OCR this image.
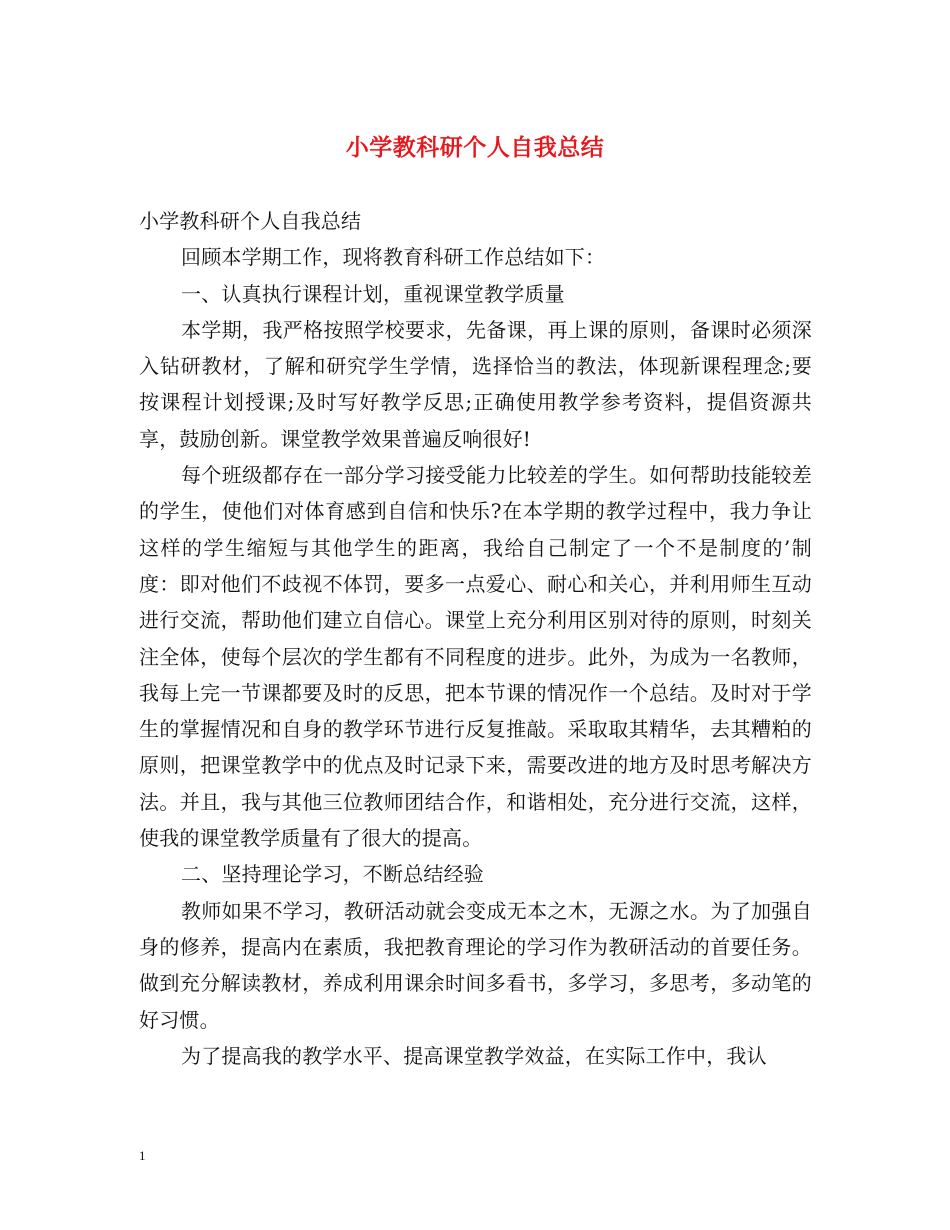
小学教科研个人自我总结

小学教科研个人自我总结

回顾本学期工作，现将教育科研工作总结如下：

一、认真执行课程计划，重视课堂教学质量

本学期，我严格按照学校要求，先备课，再上课的原则，备课时必须深入钻研教材，了解和研究学生学情，选择恰当的教法，体现新课程理念;要按课程计划授课;及时写好教学反思;正确使用教学参考资料，提倡资源共享，鼓励创新。课堂教学效果普遍反响很好!

每个班级都存在一部分学习接受能力比较差的学生。如何帮助技能较差的学生，使他们对体育感到自信和快乐?在本学期的教学过程中，我力争让这样的学生缩短与其他学生的距离，我给自己制定了一个不是制度的’制度：即对他们不歧视不体罚，要多一点爱心、耐心和关心，并利用师生互动进行交流，帮助他们建立自信心。课堂上充分利用区别对待的原则，时刻关注全体，使每个层次的学生都有不同程度的进步。此外，为成为一名教师，我每上完一节课都要及时的反思，把本节课的情况作一个总结。及时对于学生的掌握情况和自身的教学环节进行反复推敲。采取取其精华，去其糟粕的原则，把课堂教学中的优点及时记录下来，需要改进的地方及时思考解决方法。并且，我与其他三位教师团结合作，和谐相处，充分进行交流，这样，使我的课堂教学质量有了很大的提高。

二、坚持理论学习，不断总结经验

教师如果不学习，教研活动就会变成无本之木，无源之水。为了加强自身的修养，提高内在素质，我把教育理论的学习作为教研活动的首要任务。做到充分解读教材，养成利用课余时间多看书，多学习，多思考，多动笔的好习惯。

为了提高我的教学水平、提高课堂教学效益，在实际工作中，我认

1
